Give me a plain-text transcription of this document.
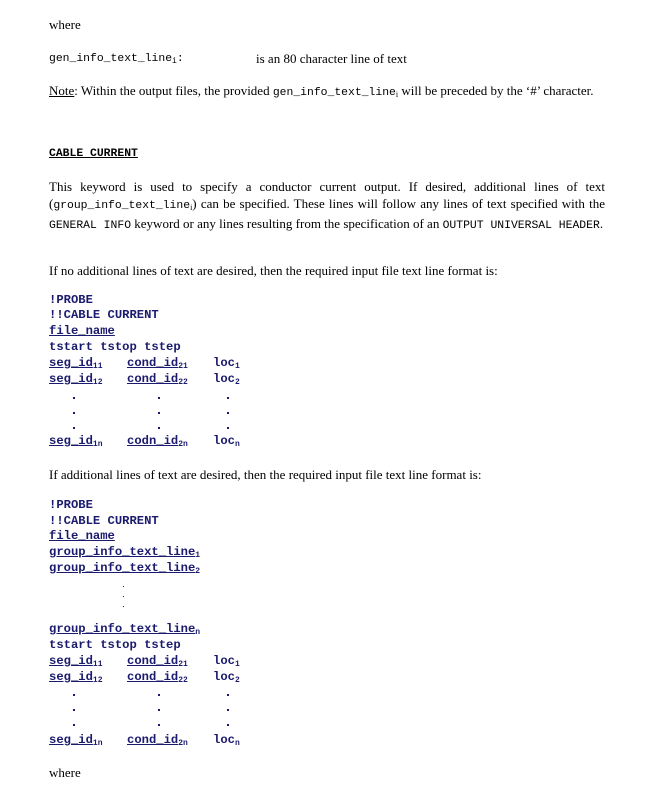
where
gen_info_text_line$_i$:	is an 80 character line of text
Note: Within the output files, the provided gen_info_text_line$_i$ will be preceded by the ‘#’ character.
CABLE CURRENT
This keyword is used to specify a conductor current output. If desired, additional lines of text (group_info_text_line$_i$) can be specified. These lines will follow any lines of text specified with the GENERAL INFO keyword or any lines resulting from the specification of an OUTPUT UNIVERSAL HEADER.
If no additional lines of text are desired, then the required input file text line format is:
!PROBE
!!CABLE CURRENT
file_name
tstart tstop tstep
$seg\_id_{11}$ $cond\_id_{21}$ loc$_1$
$seg\_id_{12}$ $cond\_id_{22}$ loc$_2$
$seg\_id_{1n}$ $codn\_id_{2n}$ loc$_n$
If additional lines of text are desired, then the required input file text line format is:
!PROBE
!!CABLE CURRENT
file_name
group_info_text_line$_1$
group_info_text_line$_2$
group_info_text_line$_n$
tstart tstop tstep
$seg\_id_{11}$ $cond\_id_{21}$ loc$_1$
$seg\_id_{12}$ $cond\_id_{22}$ loc$_2$
$seg\_id_{1n}$ $cond\_id_{2n}$ loc$_n$
where
